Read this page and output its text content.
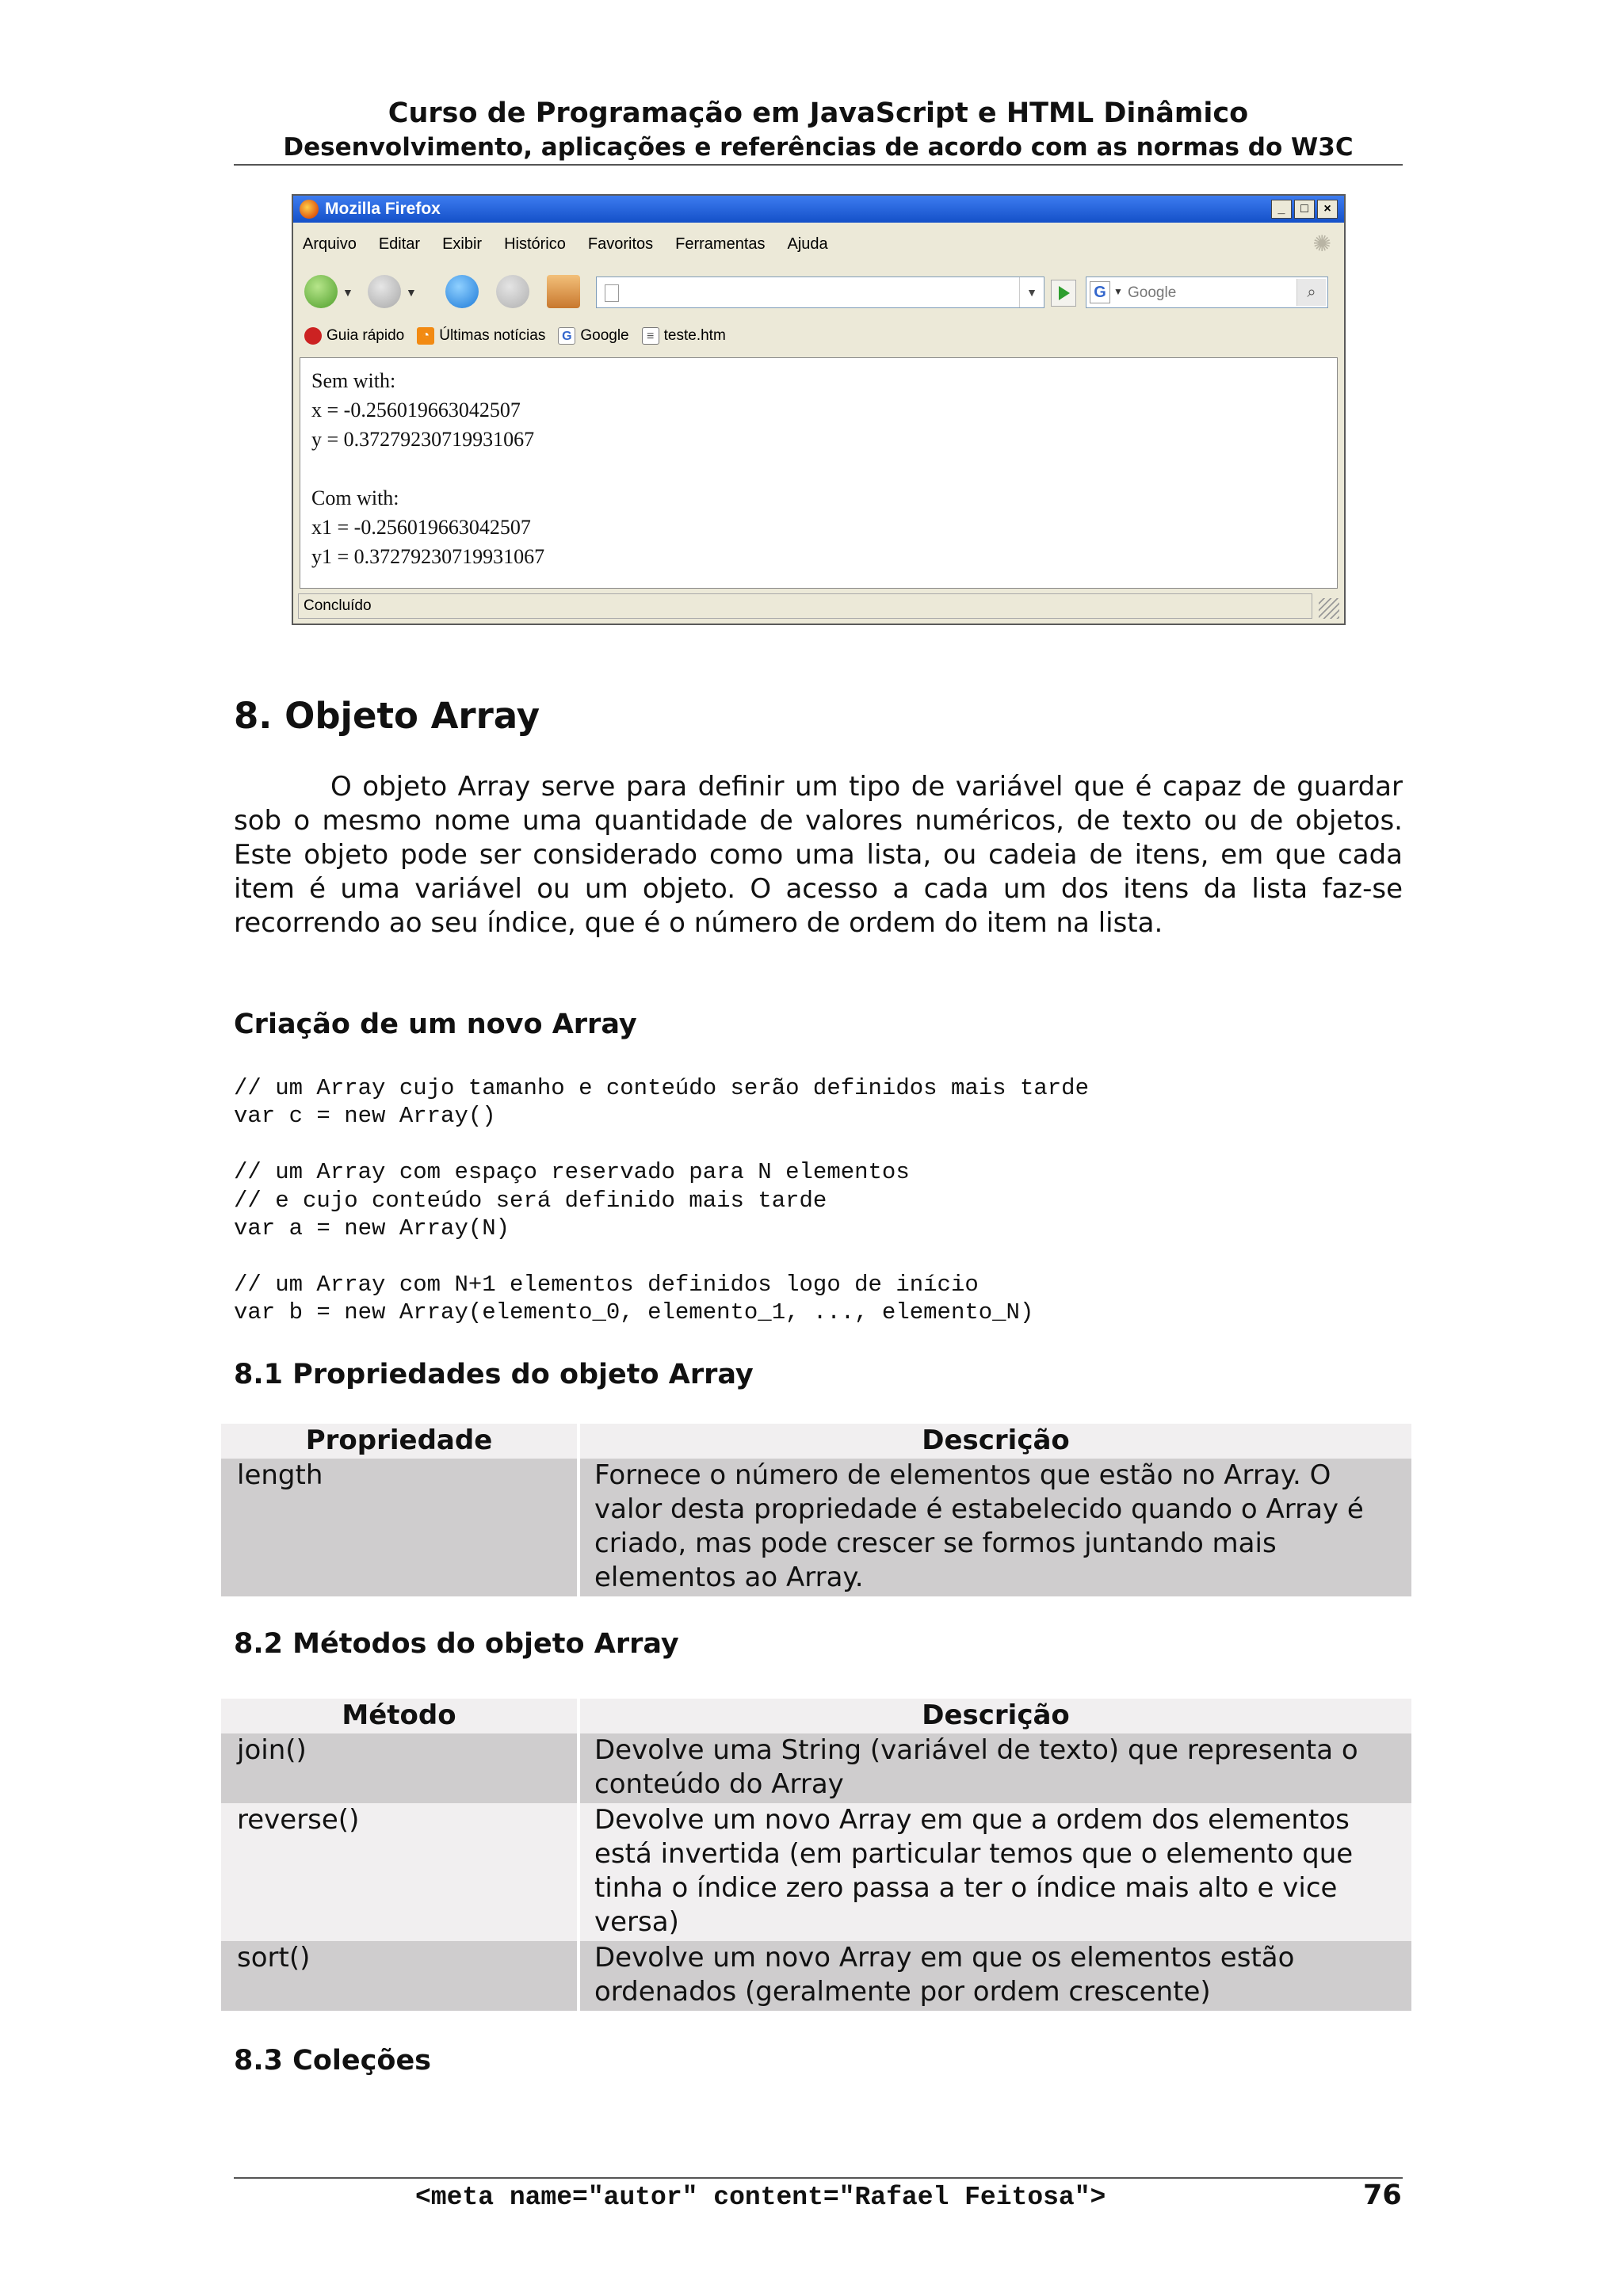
Curso de Programação em JavaScript e HTML Dinâmico
Desenvolvimento, aplicações e referências de acordo com as normas do W3C
Mozilla Firefox	_	□	×
Arquivo Editar Exibir Histórico Favoritos Ferramentas Ajuda	✺
▼	▼	▼	G ▼ Google	⌕
Guia rápido	◔ Últimas notícias G Google	≡ teste.htm
Sem with:
x = -0.256019663042507
y = 0.37279230719931067
Com with:
x1 = -0.256019663042507
y1 = 0.37279230719931067
Concluído
8. Objeto Array
O objeto Array serve para definir um tipo de variável que é capaz de guardar sob o mesmo nome uma quantidade de valores numéricos, de texto ou de objetos. Este objeto pode ser considerado como uma lista, ou cadeia de itens, em que cada item é uma variável ou um objeto. O acesso a cada um dos itens da lista faz-se recorrendo ao seu índice, que é o número de ordem do item na lista.
Criação de um novo Array
// um Array cujo tamanho e conteúdo serão definidos mais tarde
var c = new Array()

// um Array com espaço reservado para N elementos
// e cujo conteúdo será definido mais tarde
var a = new Array(N)

// um Array com N+1 elementos definidos logo de início
var b = new Array(elemento_0, elemento_1, ..., elemento_N)
8.1 Propriedades do objeto Array
Propriedade	Descrição
length	Fornece o número de elementos que estão no Array. O valor desta propriedade é estabelecido quando o Array é criado, mas pode crescer se formos juntando mais elementos ao Array.
8.2 Métodos do objeto Array
Método	Descrição
join()	Devolve uma String (variável de texto) que representa o conteúdo do Array
reverse()	Devolve um novo Array em que a ordem dos elementos está invertida (em particular temos que o elemento que tinha o índice zero passa a ter o índice mais alto e vice versa)
sort()	Devolve um novo Array em que os elementos estão ordenados (geralmente por ordem crescente)
8.3 Coleções
<meta name="autor" content="Rafael Feitosa">	76
